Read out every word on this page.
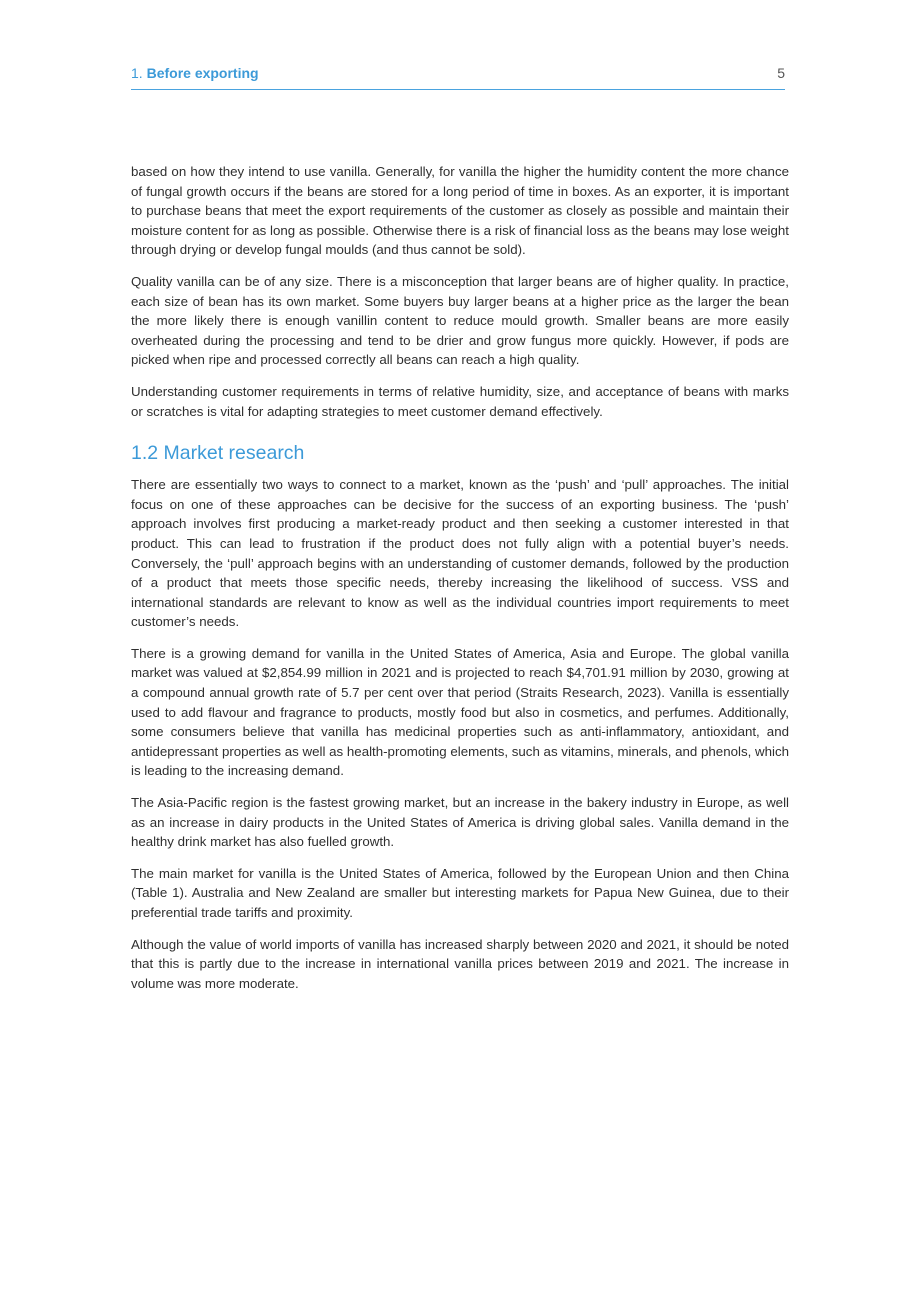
1. Before exporting	5

based on how they intend to use vanilla. Generally, for vanilla the higher the humidity content the more chance of fungal growth occurs if the beans are stored for a long period of time in boxes. As an exporter, it is important to purchase beans that meet the export requirements of the customer as closely as possible and maintain their moisture content for as long as possible. Otherwise there is a risk of financial loss as the beans may lose weight through drying or develop fungal moulds (and thus cannot be sold).

Quality vanilla can be of any size. There is a misconception that larger beans are of higher quality. In practice, each size of bean has its own market. Some buyers buy larger beans at a higher price as the larger the bean the more likely there is enough vanillin content to reduce mould growth. Smaller beans are more easily overheated during the processing and tend to be drier and grow fungus more quickly. However, if pods are picked when ripe and processed correctly all beans can reach a high quality.

Understanding customer requirements in terms of relative humidity, size, and acceptance of beans with marks or scratches is vital for adapting strategies to meet customer demand effectively.

1.2 Market research

There are essentially two ways to connect to a market, known as the ‘push’ and ‘pull’ approaches. The initial focus on one of these approaches can be decisive for the success of an exporting business. The ‘push’ approach involves first producing a market-ready product and then seeking a customer interested in that product. This can lead to frustration if the product does not fully align with a potential buyer’s needs. Conversely, the ‘pull’ approach begins with an understanding of customer demands, followed by the production of a product that meets those specific needs, thereby increasing the likelihood of success. VSS and international standards are relevant to know as well as the individual countries import requirements to meet customer’s needs.

There is a growing demand for vanilla in the United States of America, Asia and Europe. The global vanilla market was valued at $2,854.99 million in 2021 and is projected to reach $4,701.91 million by 2030, growing at a compound annual growth rate of 5.7 per cent over that period (Straits Research, 2023). Vanilla is essentially used to add flavour and fragrance to products, mostly food but also in cosmetics, and perfumes. Additionally, some consumers believe that vanilla has medicinal properties such as anti-inflammatory, antioxidant, and antidepressant properties as well as health-promoting elements, such as vitamins, minerals, and phenols, which is leading to the increasing demand.

The Asia-Pacific region is the fastest growing market, but an increase in the bakery industry in Europe, as well as an increase in dairy products in the United States of America is driving global sales. Vanilla demand in the healthy drink market has also fuelled growth.

The main market for vanilla is the United States of America, followed by the European Union and then China (Table 1). Australia and New Zealand are smaller but interesting markets for Papua New Guinea, due to their preferential trade tariffs and proximity.

Although the value of world imports of vanilla has increased sharply between 2020 and 2021, it should be noted that this is partly due to the increase in international vanilla prices between 2019 and 2021. The increase in volume was more moderate.
